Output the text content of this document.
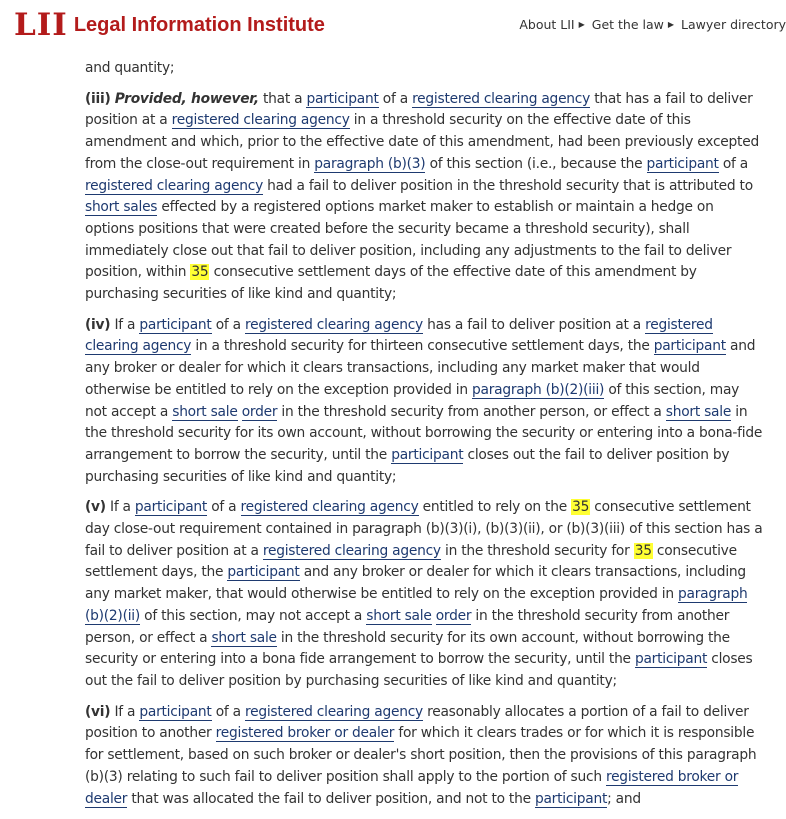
LII Legal Information Institute	About LII ▶ Get the law ▶ Lawyer directory

and quantity;

(iii) Provided, however, that a participant of a registered clearing agency that has a fail to deliver position at a registered clearing agency in a threshold security on the effective date of this amendment and which, prior to the effective date of this amendment, had been previously excepted from the close-out requirement in paragraph (b)(3) of this section (i.e., because the participant of a registered clearing agency had a fail to deliver position in the threshold security that is attributed to short sales effected by a registered options market maker to establish or maintain a hedge on options positions that were created before the security became a threshold security), shall immediately close out that fail to deliver position, including any adjustments to the fail to deliver position, within 35 consecutive settlement days of the effective date of this amendment by purchasing securities of like kind and quantity;

(iv) If a participant of a registered clearing agency has a fail to deliver position at a registered clearing agency in a threshold security for thirteen consecutive settlement days, the participant and any broker or dealer for which it clears transactions, including any market maker that would otherwise be entitled to rely on the exception provided in paragraph (b)(2)(iii) of this section, may not accept a short sale order in the threshold security from another person, or effect a short sale in the threshold security for its own account, without borrowing the security or entering into a bona-fide arrangement to borrow the security, until the participant closes out the fail to deliver position by purchasing securities of like kind and quantity;

(v) If a participant of a registered clearing agency entitled to rely on the 35 consecutive settlement day close-out requirement contained in paragraph (b)(3)(i), (b)(3)(ii), or (b)(3)(iii) of this section has a fail to deliver position at a registered clearing agency in the threshold security for 35 consecutive settlement days, the participant and any broker or dealer for which it clears transactions, including any market maker, that would otherwise be entitled to rely on the exception provided in paragraph (b)(2)(ii) of this section, may not accept a short sale order in the threshold security from another person, or effect a short sale in the threshold security for its own account, without borrowing the security or entering into a bona fide arrangement to borrow the security, until the participant closes out the fail to deliver position by purchasing securities of like kind and quantity;

(vi) If a participant of a registered clearing agency reasonably allocates a portion of a fail to deliver position to another registered broker or dealer for which it clears trades or for which it is responsible for settlement, based on such broker or dealer's short position, then the provisions of this paragraph (b)(3) relating to such fail to deliver position shall apply to the portion of such registered broker or dealer that was allocated the fail to deliver position, and not to the participant; and
